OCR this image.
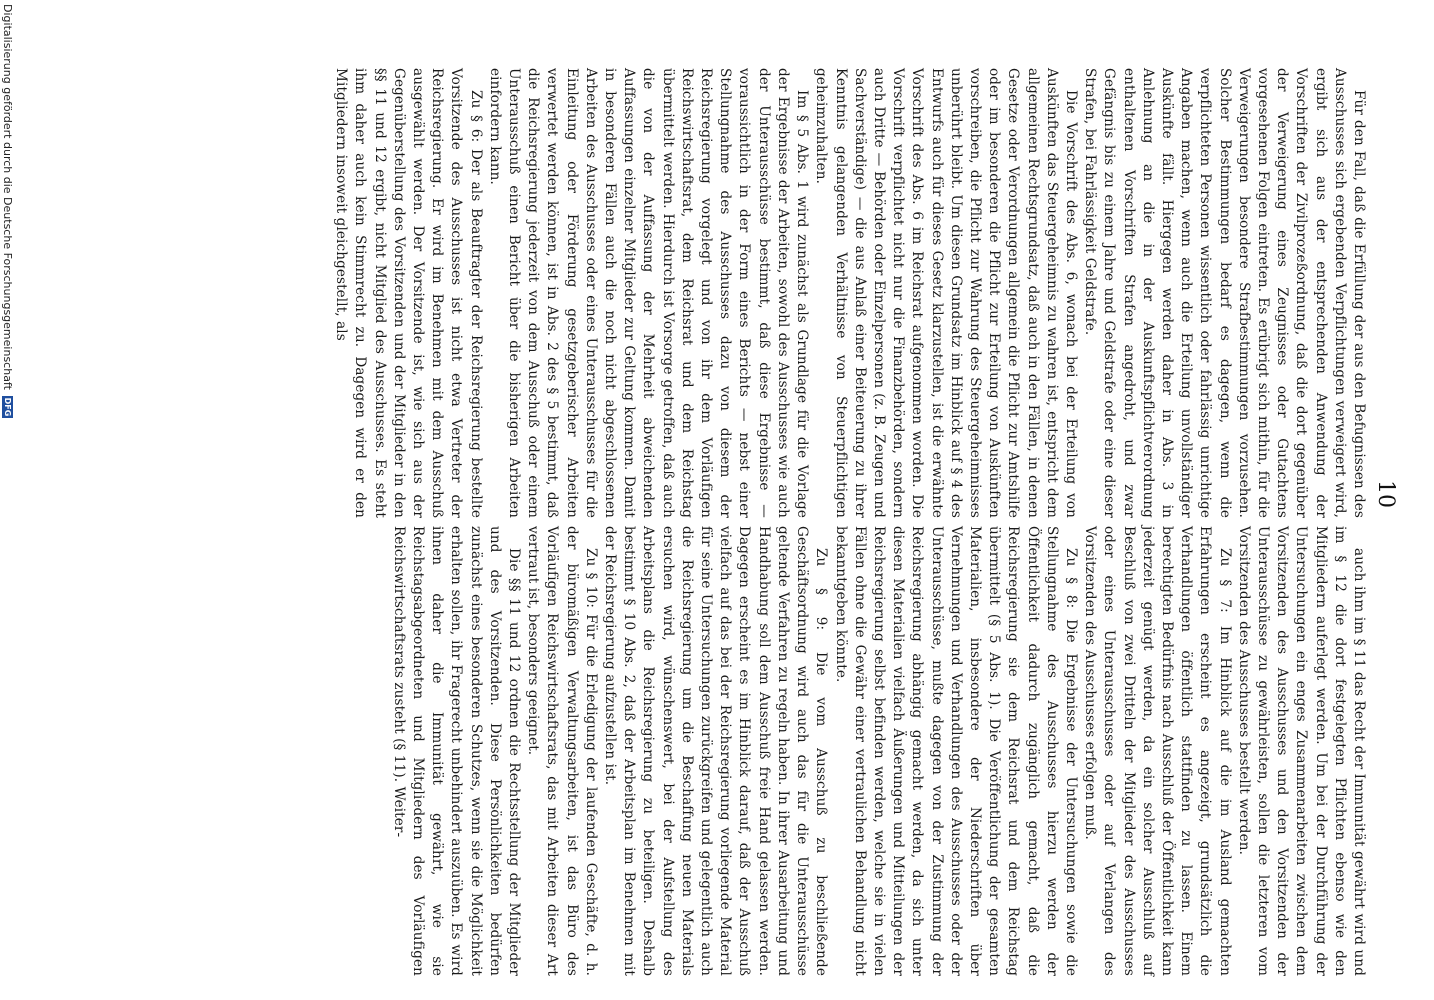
10

Für den Fall, daß die Erfüllung der aus den Befugnissen des Ausschusses sich ergebenden Verpflichtungen verweigert wird, ergibt sich aus der entsprechenden Anwendung der Vorschriften der Zivilprozeßordnung, daß die dort gegenüber der Verweigerung eines Zeugnisses oder Gutachtens vorgesehenen Folgen eintreten. Es erübrigt sich mithin, für die Verweigerungen besondere Strafbestimmungen vorzusehen. Solcher Bestimmungen bedarf es dagegen, wenn die verpflichteten Personen wissentlich oder fahrlässig unrichtige Angaben machen, wenn auch die Erteilung unvollständiger Auskünfte fällt. Hiergegen werden daher in Abs. 3 in Anlehnung an die in der Auskunftspflichtverordnung enthaltenen Vorschriften Strafen angedroht, und zwar Gefängnis bis zu einem Jahre und Geldstrafe oder eine dieser Strafen, bei Fahrlässigkeit Geldstrafe.

Die Vorschrift des Abs. 6, wonach bei der Erteilung von Auskünften das Steuergeheimnis zu wahren ist, entspricht dem allgemeinen Rechtsgrundsatz, daß auch in den Fällen, in denen Gesetze oder Verordnungen allgemein die Pflicht zur Amtshilfe oder im besonderen die Pflicht zur Erteilung von Auskünften vorschreiben, die Pflicht zur Wahrung des Steuergeheimnisses unberührt bleibt. Um diesen Grundsatz im Hinblick auf § 4 des Entwurfs auch für dieses Gesetz klarzustellen, ist die erwähnte Vorschrift des Abs. 6 im Reichsrat aufgenommen worden. Die Vorschrift verpflichtet nicht nur die Finanzbehörden, sondern auch Dritte — Behörden oder Einzelpersonen (z. B. Zeugen und Sachverständige) — die aus Anlaß einer Beiteuerung zu ihrer Kenntnis gelangenden Verhältnisse von Steuerpflichtigen geheimzuhalten.

Im § 5 Abs. 1 wird zunächst als Grundlage für die Vorlage der Ergebnisse der Arbeiten, sowohl des Ausschusses wie auch der Unterausschüsse bestimmt, daß diese Ergebnisse — voraussichtlich in der Form eines Berichts — nebst einer Stellungnahme des Ausschusses dazu von diesem der Reichsregierung vorgelegt und von ihr dem Vorläufigen Reichswirtschaftsrat, dem Reichsrat und dem Reichstag übermittelt werden. Hierdurch ist Vorsorge getroffen, daß auch die von der Auffassung der Mehrheit abweichenden Auffassungen einzelner Mitglieder zur Geltung kommen. Damit in besonderen Fällen auch die noch nicht abgeschlossenen Arbeiten des Ausschusses oder eines Unterausschusses für die Einleitung oder Förderung gesetzgeberischer Arbeiten verwertet werden können, ist in Abs. 2 des § 5 bestimmt, daß die Reichsregierung jederzeit von dem Ausschuß oder einem Unterausschuß einen Bericht über die bisherigen Arbeiten einfordern kann.

Zu § 6: Der als Beauftragter der Reichsregierung bestellte Vorsitzende des Ausschusses ist nicht etwa Vertreter der Reichsregierung. Er wird im Benehmen mit dem Ausschuß ausgewählt werden. Der Vorsitzende ist, wie sich aus der Gegenüberstellung des Vorsitzenden und der Mitglieder in den §§ 11 und 12 ergibt, nicht Mitglied des Ausschusses. Es steht ihm daher auch kein Stimmrecht zu. Dagegen wird er den Mitgliedern insoweit gleichgestellt, als

auch ihm im § 11 das Recht der Immunität gewährt wird und im § 12 die dort festgelegten Pflichten ebenso wie den Mitgliedern auferlegt werden. Um bei der Durchführung der Untersuchungen ein enges Zusammenarbeiten zwischen dem Vorsitzenden des Ausschusses und den Vorsitzenden der Unterausschüsse zu gewährleisten, sollen die letzteren vom Vorsitzenden des Ausschusses bestellt werden.

Zu § 7: Im Hinblick auf die im Ausland gemachten Erfahrungen erscheint es angezeigt, grundsätzlich die Verhandlungen öffentlich stattfinden zu lassen. Einem berechtigten Bedürfnis nach Ausschluß der Öffentlichkeit kann jederzeit genügt werden, da ein solcher Ausschluß auf Beschluß von zwei Dritteln der Mitglieder des Ausschusses oder eines Unterausschusses oder auf Verlangen des Vorsitzenden des Ausschusses erfolgen muß.

Zu § 8: Die Ergebnisse der Untersuchungen sowie die Stellungnahme des Ausschusses hierzu werden der Öffentlichkeit dadurch zugänglich gemacht, daß die Reichsregierung sie dem Reichsrat und dem Reichstag übermittelt (§ 5 Abs. 1). Die Veröffentlichung der gesamten Materialien, insbesondere der Niederschriften über Vernehmungen und Verhandlungen des Ausschusses oder der Unterausschüsse, mußte dagegen von der Zustimmung der Reichsregierung abhängig gemacht werden, da sich unter diesen Materialien vielfach Äußerungen und Mitteilungen der Reichsregierung selbst befinden werden, welche sie in vielen Fällen ohne die Gewähr einer vertraulichen Behandlung nicht bekanntgeben könnte.

Zu § 9: Die vom Ausschuß zu beschließende Geschäftsordnung wird auch das für die Unterausschüsse geltende Verfahren zu regeln haben. In ihrer Ausarbeitung und Handhabung soll dem Ausschuß freie Hand gelassen werden. Dagegen erscheint es im Hinblick darauf, daß der Ausschuß vielfach auf das bei der Reichsregierung vorliegende Material für seine Untersuchungen zurückgreifen und gelegentlich auch die Reichsregierung um die Beschaffung neuen Materials ersuchen wird, wünschenswert, bei der Aufstellung des Arbeitsplans die Reichsregierung zu beteiligen. Deshalb bestimmt § 10 Abs. 2, daß der Arbeitsplan im Benehmen mit der Reichsregierung aufzustellen ist.

Zu § 10: Für die Erledigung der laufenden Geschäfte, d. h. der büromäßigen Verwaltungsarbeiten, ist das Büro des Vorläufigen Reichswirtschaftsrats, das mit Arbeiten dieser Art vertraut ist, besonders geeignet.

Die §§ 11 und 12 ordnen die Rechtsstellung der Mitglieder und des Vorsitzenden. Diese Persönlichkeiten bedürfen zunächst eines besonderen Schutzes, wenn sie die Möglichkeit erhalten sollen, ihr Fragerecht unbehindert auszuüben. Es wird ihnen daher die Immunität gewährt, wie sie Reichstagsabgeordneten und Mitgliedern des Vorläufigen Reichswirtschaftsrats zusteht (§ 11). Weiter-

Digitalisierung gefördert durch die Deutsche Forschungsgemeinschaft
DFG
